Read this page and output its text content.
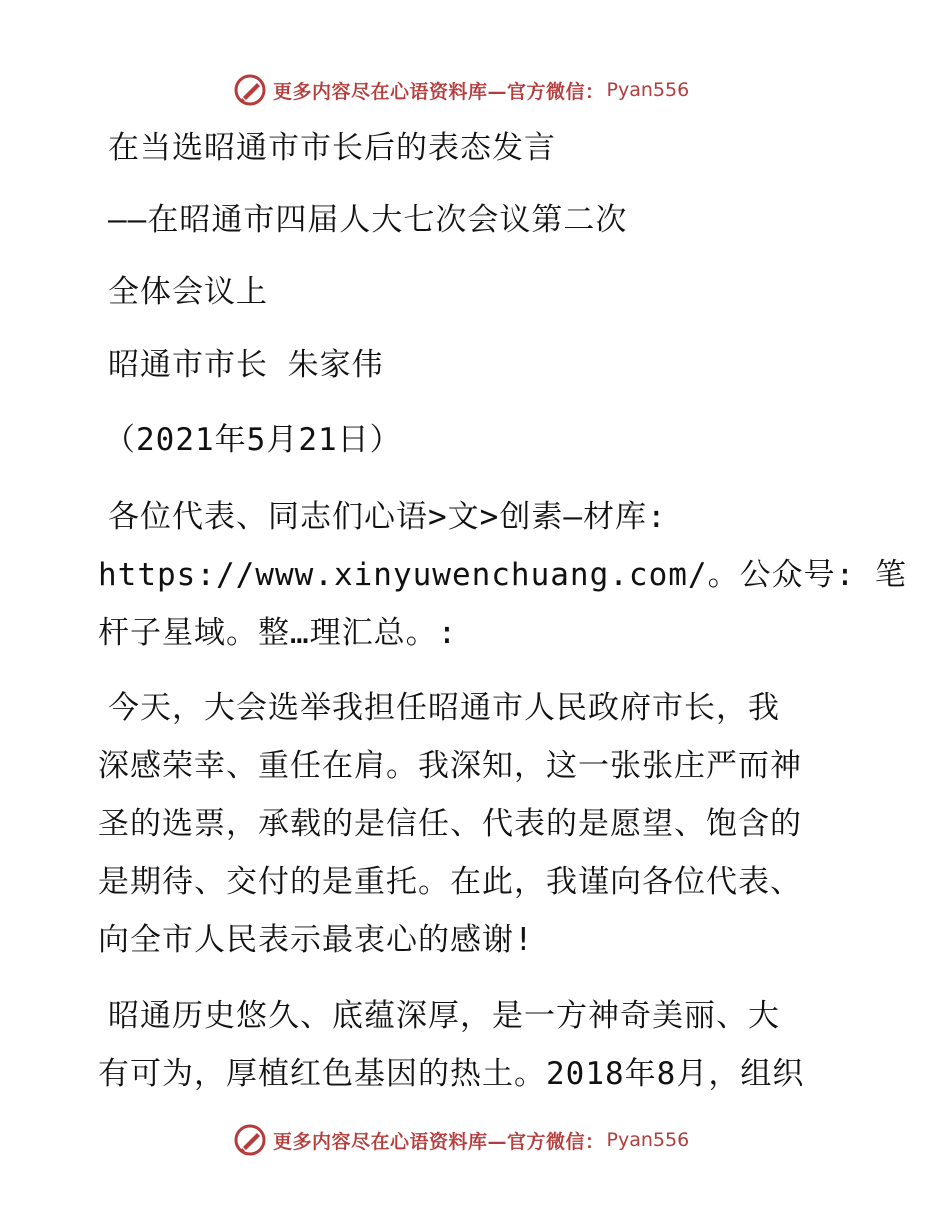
更多内容尽在心语资料库—官方微信： Pyan556
在当选昭通市市长后的表态发言
——在昭通市四届人大七次会议第二次
全体会议上
昭通市市长 朱家伟
（2021年5月21日）
各位代表、同志们心语>文>创素—材库:
https://www.xinyuwenchuang.com/。公众号: 笔
杆子星域。整…理汇总。:
今天，大会选举我担任昭通市人民政府市长，我
深感荣幸、重任在肩。我深知，这一张张庄严而神
圣的选票，承载的是信任、代表的是愿望、饱含的
是期待、交付的是重托。在此，我谨向各位代表、
向全市人民表示最衷心的感谢!
昭通历史悠久、底蕴深厚，是一方神奇美丽、大
有可为，厚植红色基因的热土。2018年8月，组织
更多内容尽在心语资料库—官方微信： Pyan556
